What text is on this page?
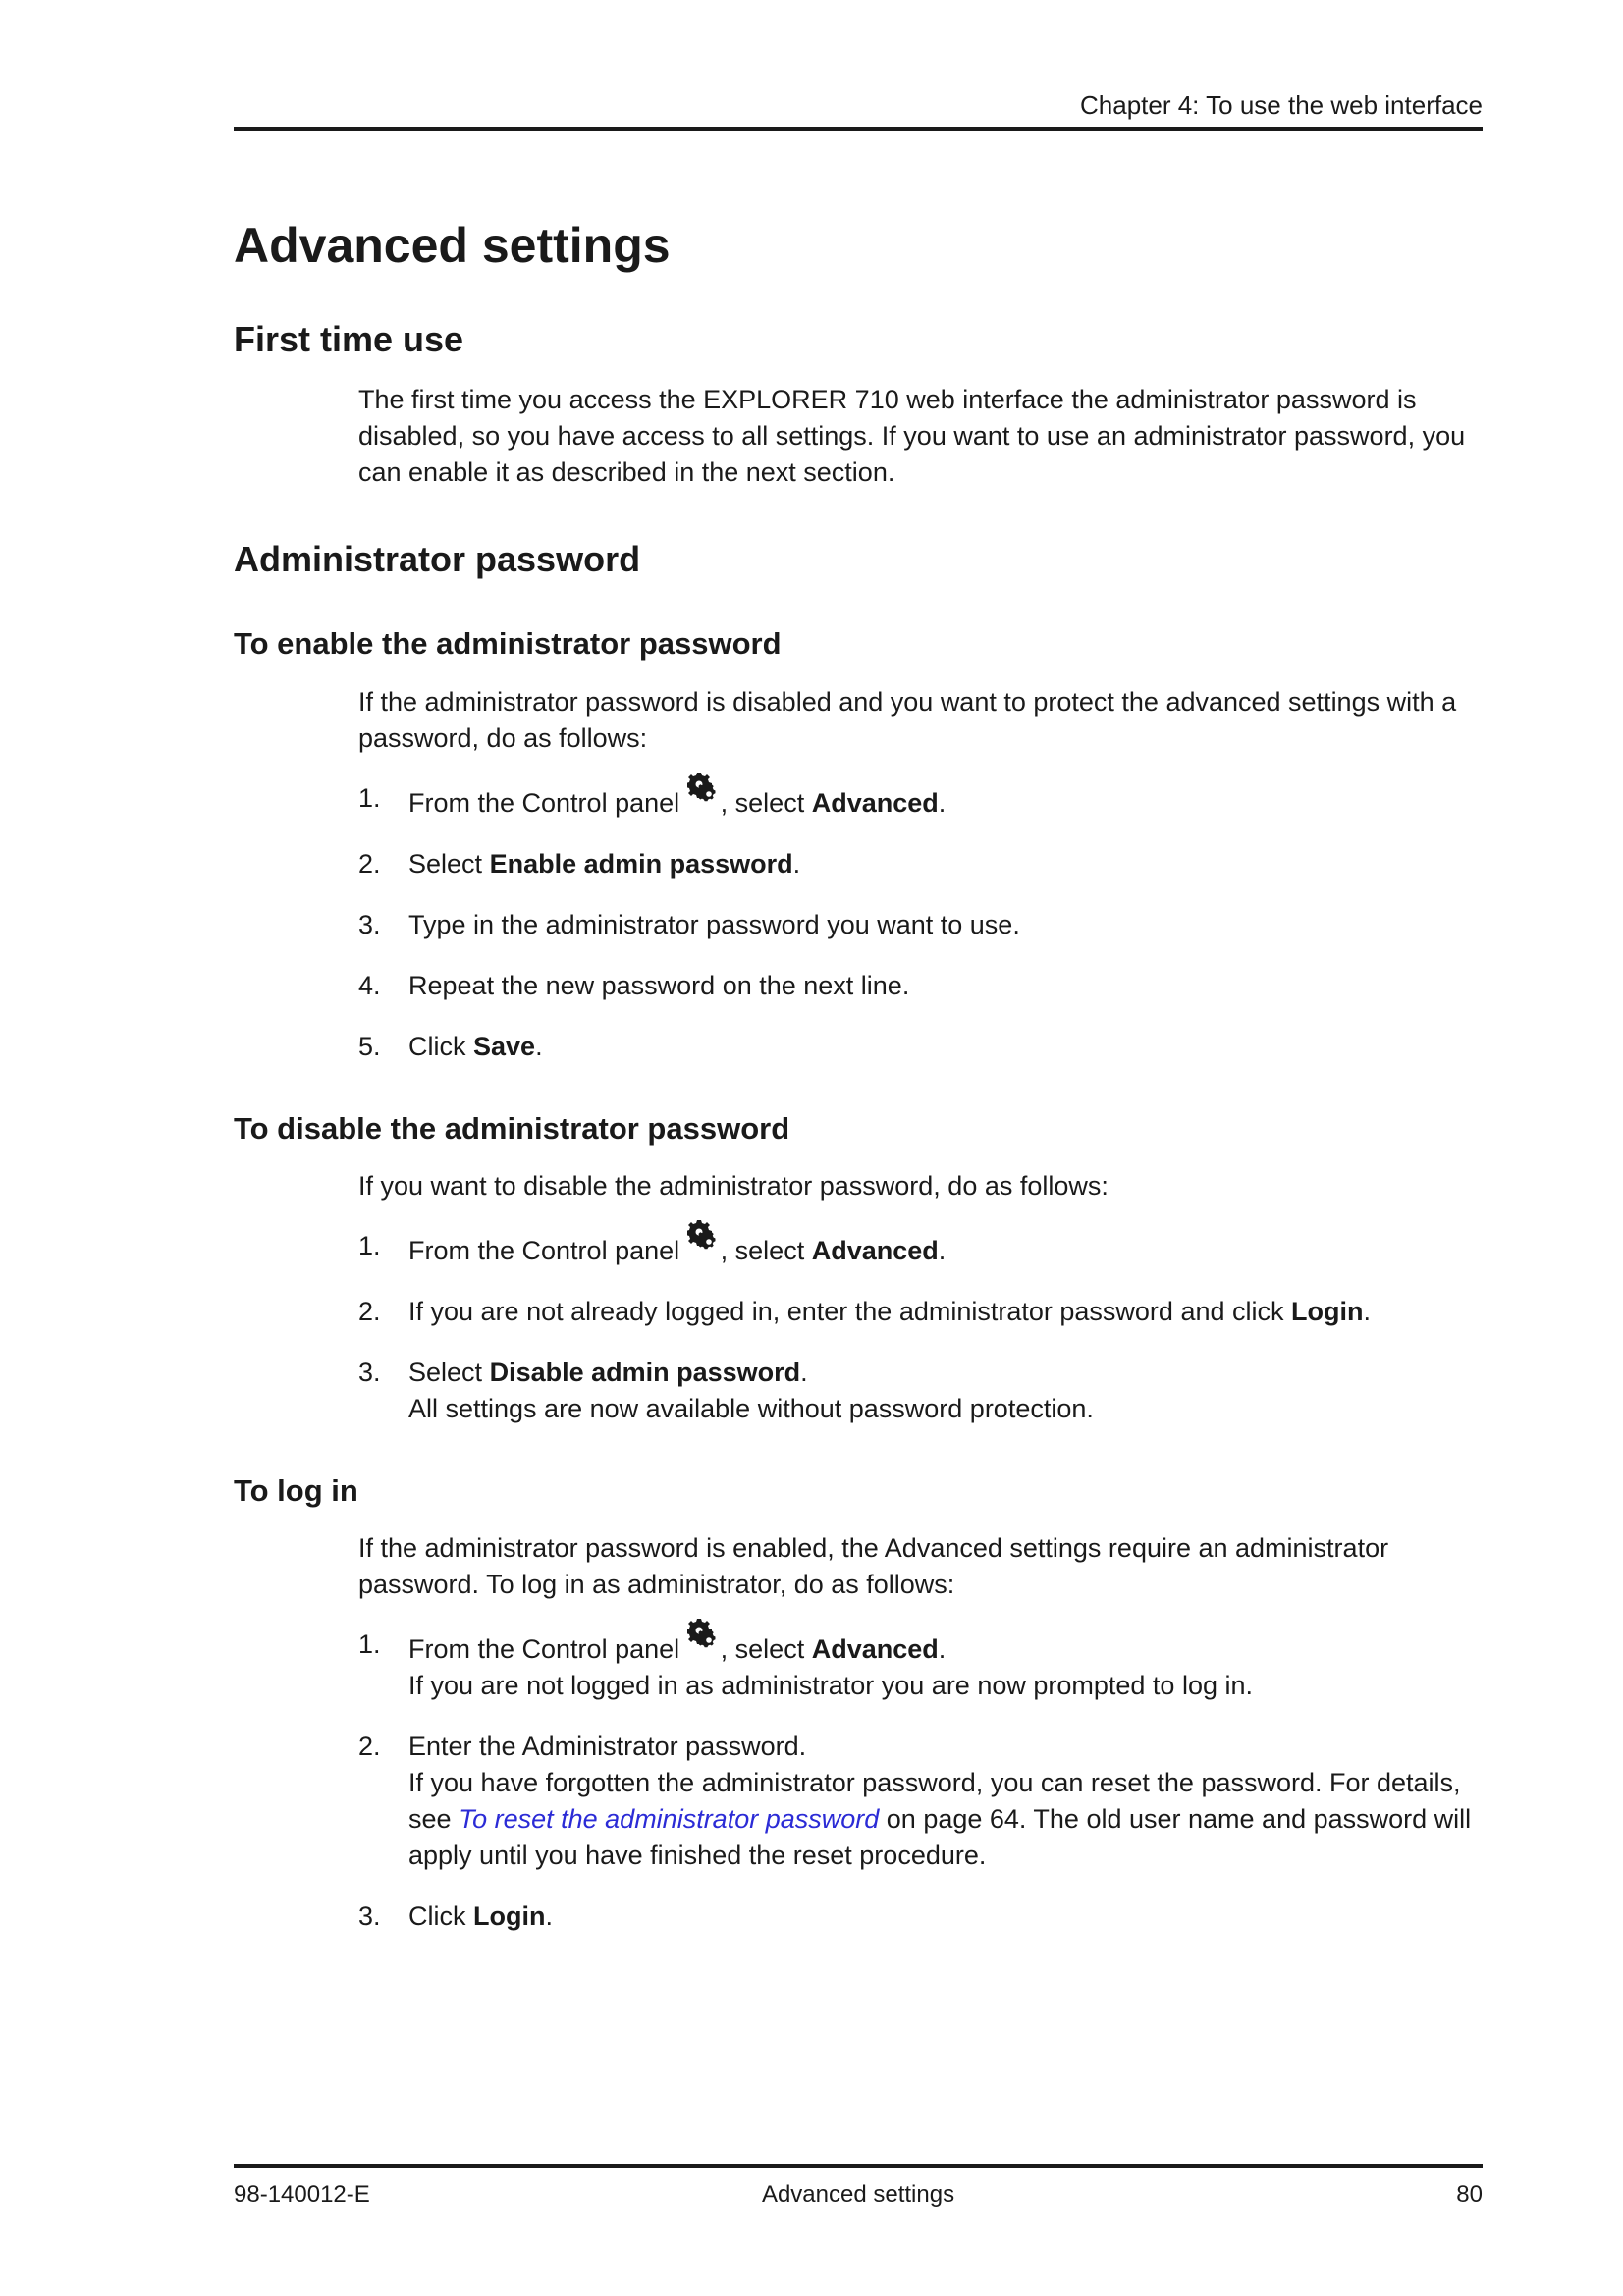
Chapter 4: To use the web interface
Advanced settings
First time use

The first time you access the EXPLORER 710 web interface the administrator password is disabled, so you have access to all settings. If you want to use an administrator password, you can enable it as described in the next section.

Administrator password
To enable the administrator password

If the administrator password is disabled and you want to protect the advanced settings with a password, do as follows:

1. From the Control panel , select Advanced.
2. Select Enable admin password.
3. Type in the administrator password you want to use.
4. Repeat the new password on the next line.
5. Click Save.
To disable the administrator password

If you want to disable the administrator password, do as follows:

1. From the Control panel , select Advanced.
2. If you are not already logged in, enter the administrator password and click Login.
3. Select Disable admin password.
All settings are now available without password protection.
To log in

If the administrator password is enabled, the Advanced settings require an administrator password. To log in as administrator, do as follows:

1. From the Control panel , select Advanced.
If you are not logged in as administrator you are now prompted to log in.
2. Enter the Administrator password.
If you have forgotten the administrator password, you can reset the password. For details, see To reset the administrator password on page 64. The old user name and password will apply until you have finished the reset procedure.
3. Click Login.
98-140012-E	Advanced settings	80
